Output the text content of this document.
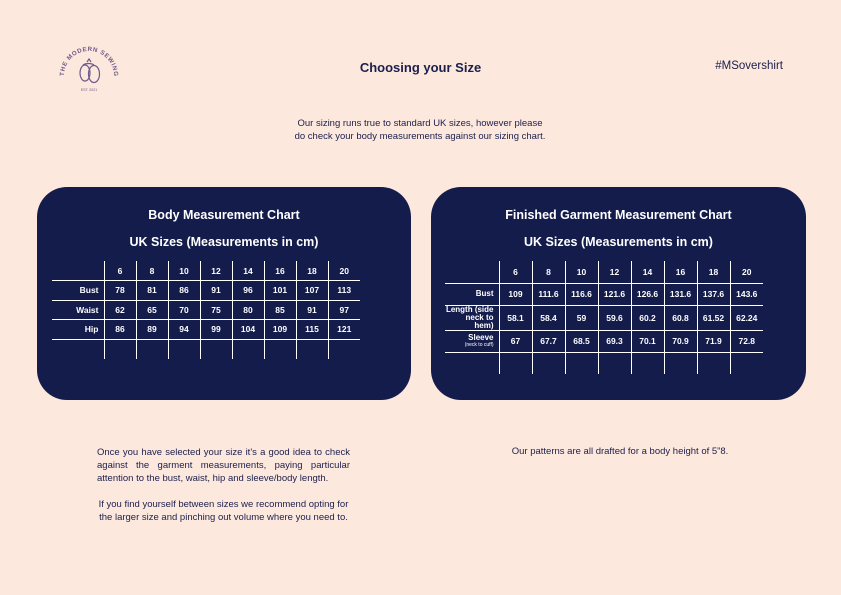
THE MODERN SEWING
EST. 2021
Choosing your Size	#MSovershirt
Our sizing runs true to standard UK sizes, however please
do check your body measurements against our sizing chart.
Body Measurement Chart
UK Sizes (Measurements in cm)
	6	8	10	12	14	16	18	20
Bust	78	81	86	91	96	101	107	113
Waist	62	65	70	75	80	85	91	97
Hip	86	89	94	99	104	109	115	121

Finished Garment Measurement Chart
UK Sizes (Measurements in cm)
	6	8	10	12	14	16	18	20
Bust	109	111.6	116.6	121.6	126.6	131.6	137.6	143.6
Length (side neck to hem)	58.1	58.4	59	59.6	60.2	60.8	61.52	62.24
Sleeve
(neck to cuff)	67	67.7	68.5	69.3	70.1	70.9	71.9	72.8

Once you have selected your size it's a good idea to check against the garment measurements, paying particular attention to the bust, waist, hip and sleeve/body length.

If you find yourself between sizes we recommend opting for the larger size and pinching out volume where you need to.

Our patterns are all drafted for a body height of 5”8.
